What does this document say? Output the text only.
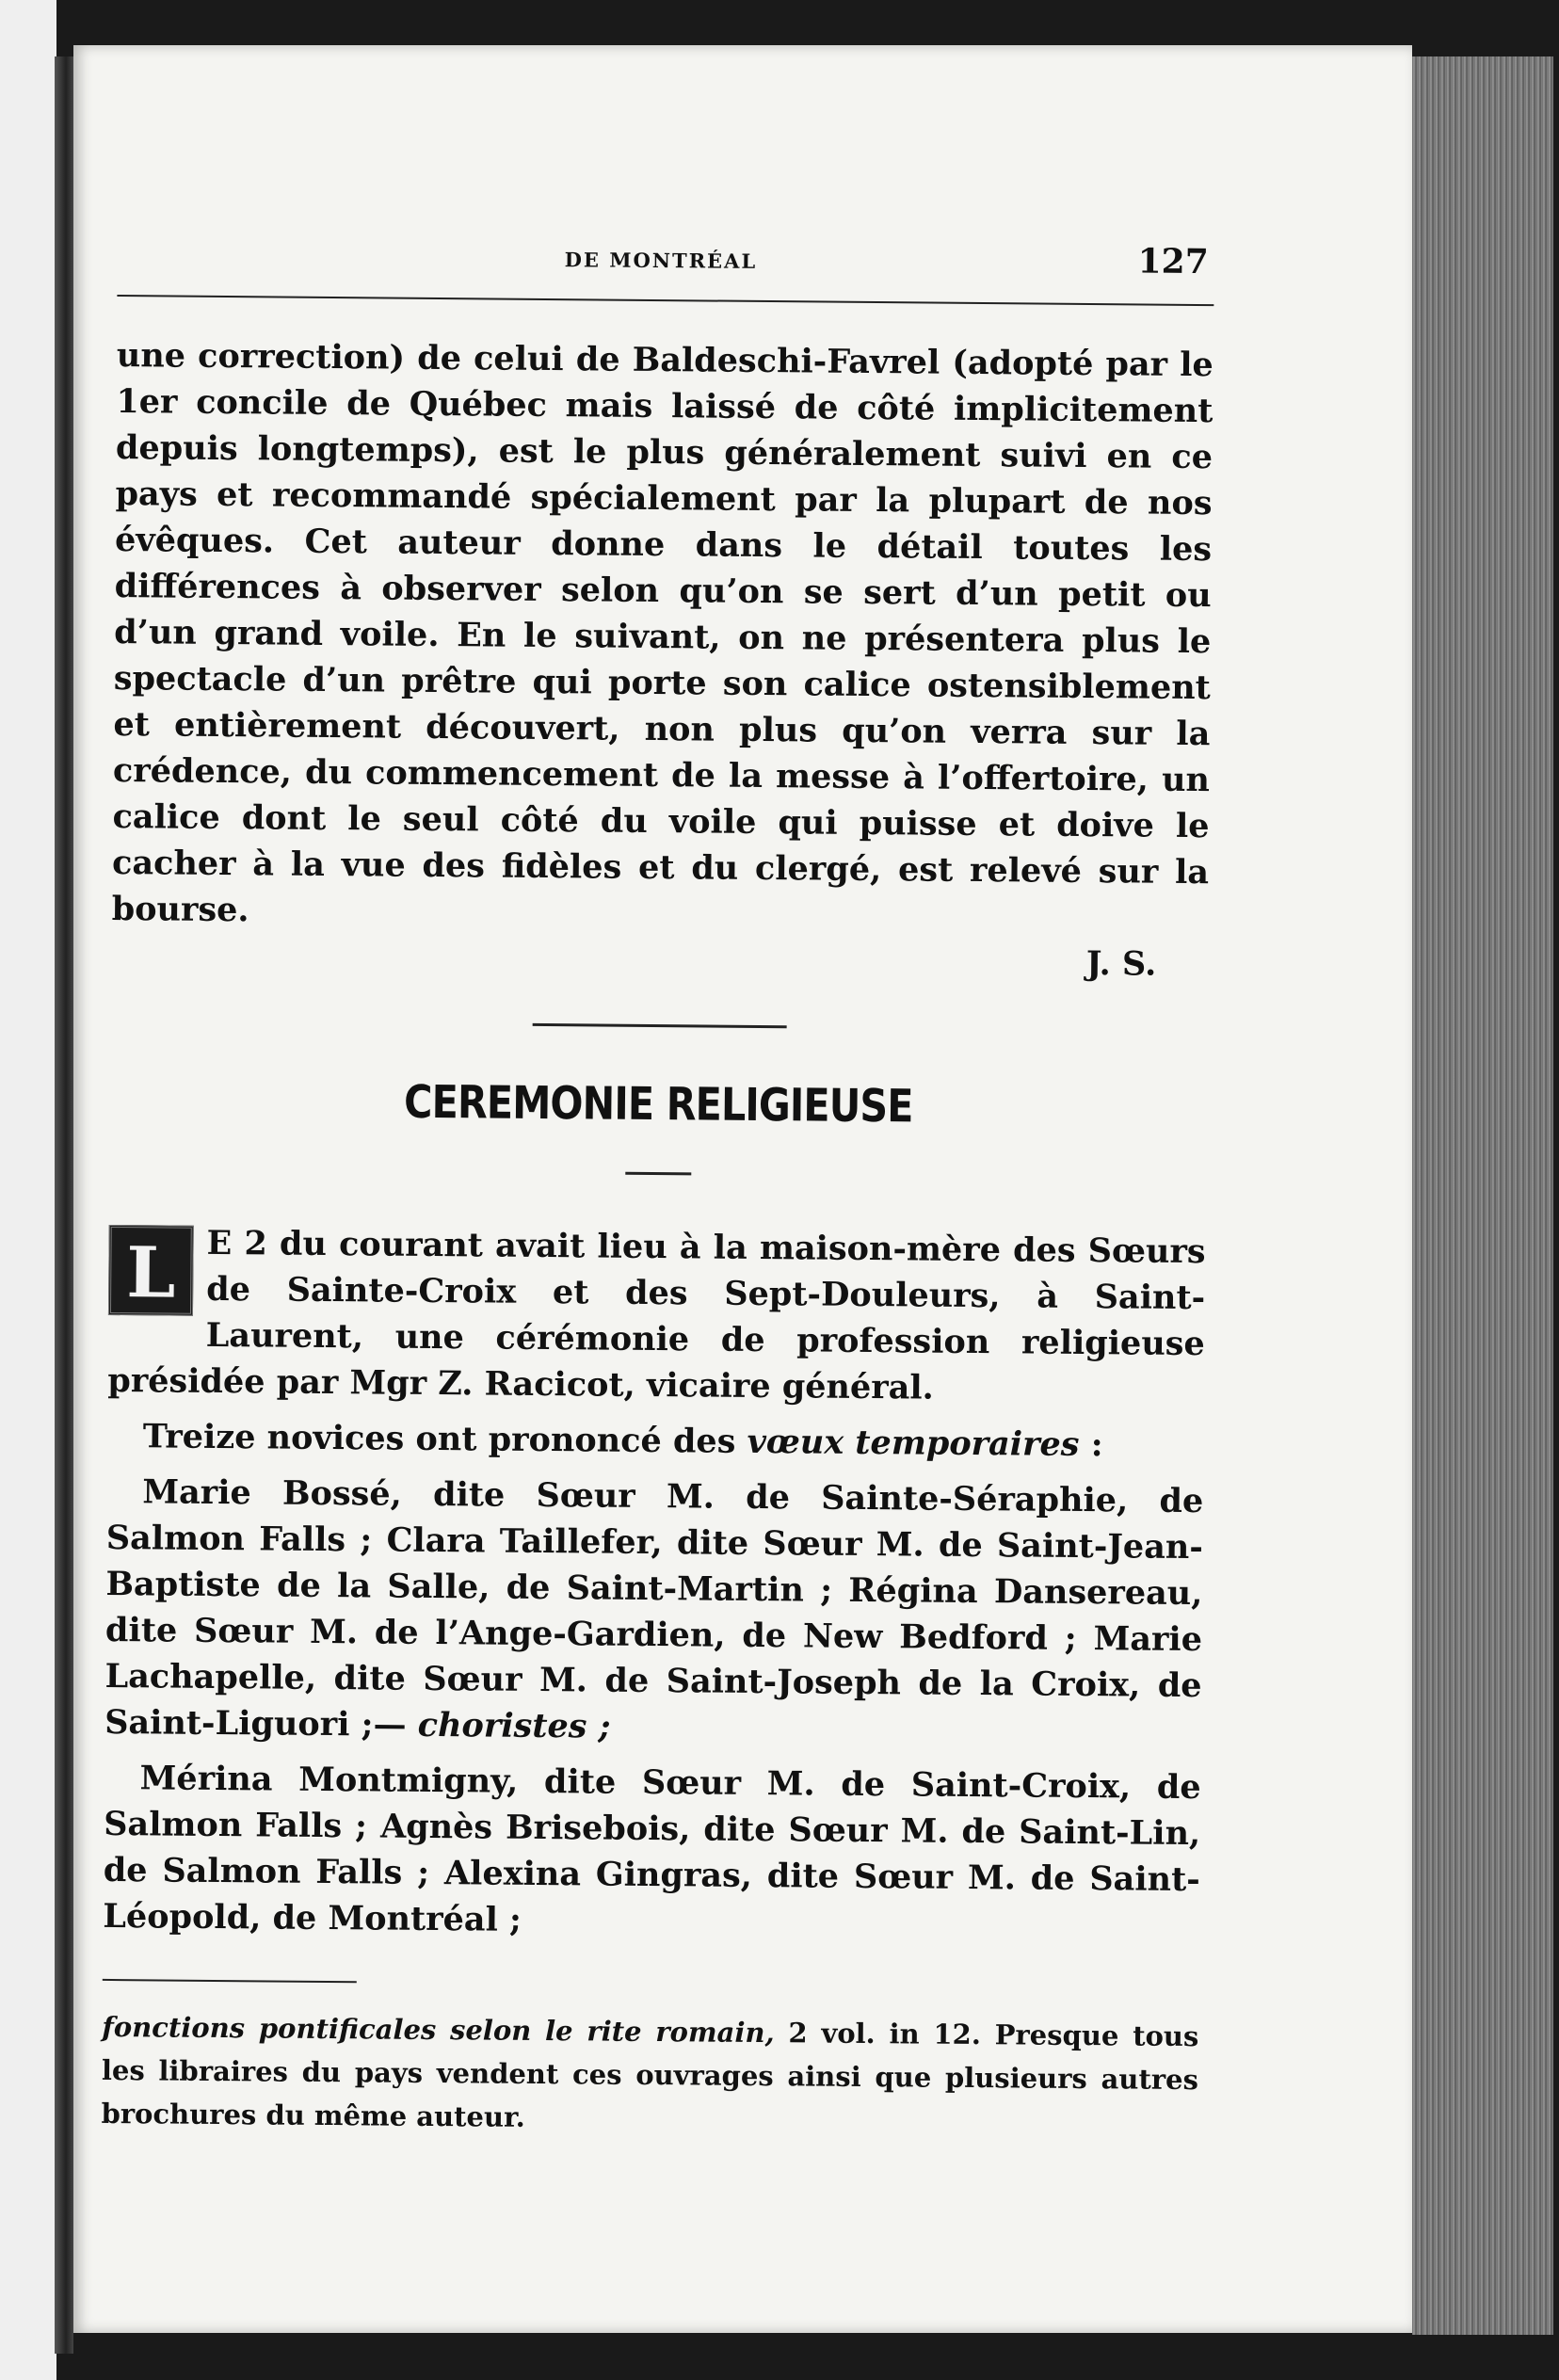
DE MONTRÉAL	127

une correction) de celui de Baldeschi-Favrel (adopté par le 1er concile de Québec mais laissé de côté implicitement depuis longtemps), est le plus généralement suivi en ce pays et recommandé spécialement par la plupart de nos évêques. Cet auteur donne dans le détail toutes les différences à observer selon qu’on se sert d’un petit ou d’un grand voile. En le suivant, on ne présentera plus le spectacle d’un prêtre qui porte son calice ostensiblement et entièrement découvert, non plus qu’on verra sur la crédence, du commencement de la messe à l’offertoire, un calice dont le seul côté du voile qui puisse et doive le cacher à la vue des fidèles et du clergé, est relevé sur la bourse.

J. S.
CEREMONIE RELIGIEUSE

L E 2 du courant avait lieu à la maison-mère des Sœurs de Sainte-Croix et des Sept-Douleurs, à Saint-Laurent, une cérémonie de profession religieuse présidée par Mgr Z. Racicot, vicaire général.

Treize novices ont prononcé des vœux temporaires :

Marie Bossé, dite Sœur M. de Sainte-Séraphie, de Salmon Falls ; Clara Taillefer, dite Sœur M. de Saint-Jean-Baptiste de la Salle, de Saint-Martin ; Régina Dansereau, dite Sœur M. de l’Ange-Gardien, de New Bedford ; Marie Lachapelle, dite Sœur M. de Saint-Joseph de la Croix, de Saint-Liguori ;— choristes ;

Mérina Montmigny, dite Sœur M. de Saint-Croix, de Salmon Falls ; Agnès Brisebois, dite Sœur M. de Saint-Lin, de Salmon Falls ; Alexina Gingras, dite Sœur M. de Saint-Léopold, de Montréal ;

fonctions pontificales selon le rite romain, 2 vol. in 12. Presque tous les libraires du pays vendent ces ouvrages ainsi que plusieurs autres brochures du même auteur.
